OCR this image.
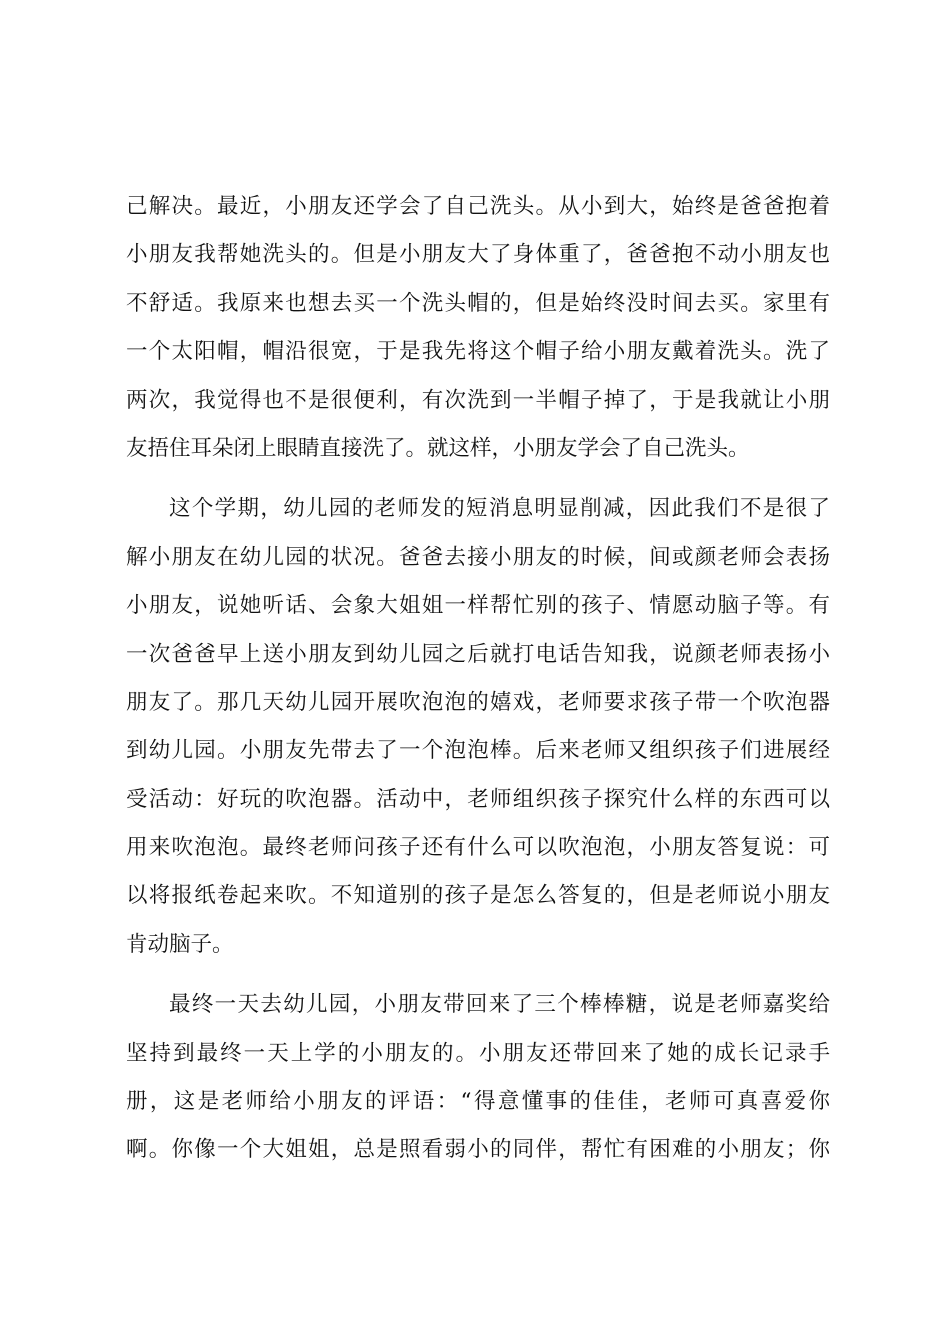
己解决。最近，小朋友还学会了自己洗头。从小到大，始终是爸爸抱着
小朋友我帮她洗头的。但是小朋友大了身体重了，爸爸抱不动小朋友也
不舒适。我原来也想去买一个洗头帽的，但是始终没时间去买。家里有
一个太阳帽，帽沿很宽，于是我先将这个帽子给小朋友戴着洗头。洗了
两次，我觉得也不是很便利，有次洗到一半帽子掉了，于是我就让小朋
友捂住耳朵闭上眼睛直接洗了。就这样，小朋友学会了自己洗头。
这个学期，幼儿园的老师发的短消息明显削减，因此我们不是很了
解小朋友在幼儿园的状况。爸爸去接小朋友的时候，间或颜老师会表扬
小朋友，说她听话、会象大姐姐一样帮忙别的孩子、情愿动脑子等。有
一次爸爸早上送小朋友到幼儿园之后就打电话告知我，说颜老师表扬小
朋友了。那几天幼儿园开展吹泡泡的嬉戏，老师要求孩子带一个吹泡器
到幼儿园。小朋友先带去了一个泡泡棒。后来老师又组织孩子们进展经
受活动：好玩的吹泡器。活动中，老师组织孩子探究什么样的东西可以
用来吹泡泡。最终老师问孩子还有什么可以吹泡泡，小朋友答复说：可
以将报纸卷起来吹。不知道别的孩子是怎么答复的，但是老师说小朋友
肯动脑子。
最终一天去幼儿园，小朋友带回来了三个棒棒糖，说是老师嘉奖给
坚持到最终一天上学的小朋友的。小朋友还带回来了她的成长记录手
册，这是老师给小朋友的评语：“得意懂事的佳佳，老师可真喜爱你
啊。你像一个大姐姐，总是照看弱小的同伴，帮忙有困难的小朋友；你
